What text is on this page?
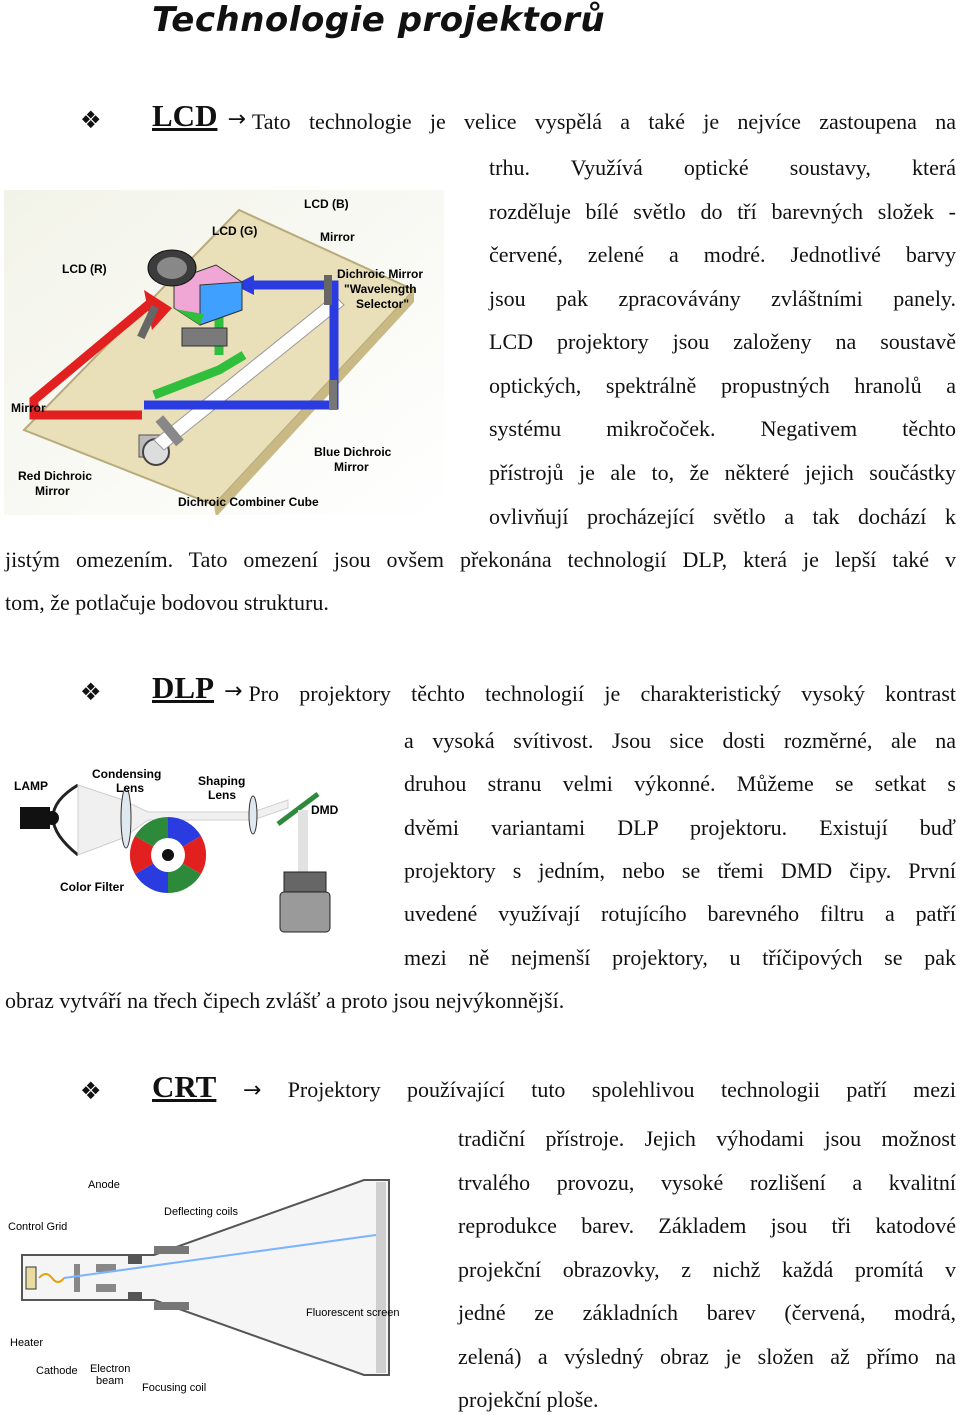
Technologie projektorů
❖ LCD → Tato technologie je velice vyspělá a také je nejvíce zastoupena na
trhu. Využívá optické soustavy, která
rozděluje bílé světlo do tří barevných složek -
červené, zelené a modré. Jednotlivé barvy
jsou pak zpracovávány zvláštními panely.
LCD projektory jsou založeny na soustavě
optických, spektrálně propustných hranolů a
systému mikročoček. Negativem těchto
přístrojů je ale to, že některé jejich součástky
ovlivňují procházející světlo a tak dochází k
jistým omezením. Tato omezení jsou ovšem překonána technologií DLP, která je lepší také v
tom, že potlačuje bodovou strukturu.
LCD (B)
Mirror
LCD (G)
LCD (R)	Dichroic Mirror
"Wavelength
Selector"
Mirror
Blue Dichroic
Mirror
Red Dichroic
Mirror
Dichroic Combiner Cube
❖ DLP → Pro projektory těchto technologií je charakteristický vysoký kontrast
a vysoká svítivost. Jsou sice dosti rozměrné, ale na
druhou stranu velmi výkonné. Můžeme se setkat s
dvěmi variantami DLP projektoru. Existují buď
projektory s jedním, nebo se třemi DMD čipy. První
uvedené využívají rotujícího barevného filtru a patří
mezi ně nejmenší projektory, u tříčipových se pak
obraz vytváří na třech čipech zvlášť a proto jsou nejvýkonnější.
LAMP
Condensing
Lens	Shaping
Lens
DMD
Color Filter
❖ CRT → Projektory používající tuto spolehlivou technologii patří mezi
tradiční přístroje. Jejich výhodami jsou možnost
trvalého provozu, vysoké rozlišení a kvalitní
reprodukce barev. Základem jsou tři katodové
projekční obrazovky, z nichž každá promítá v
jedné ze základních barev (červená, modrá,
zelená) a výsledný obraz je složen až přímo na
projekční ploše.
Anode
Deflecting coils
Control Grid
Fluorescent screen
Heater
Cathode Electron
beam
Focusing coil
